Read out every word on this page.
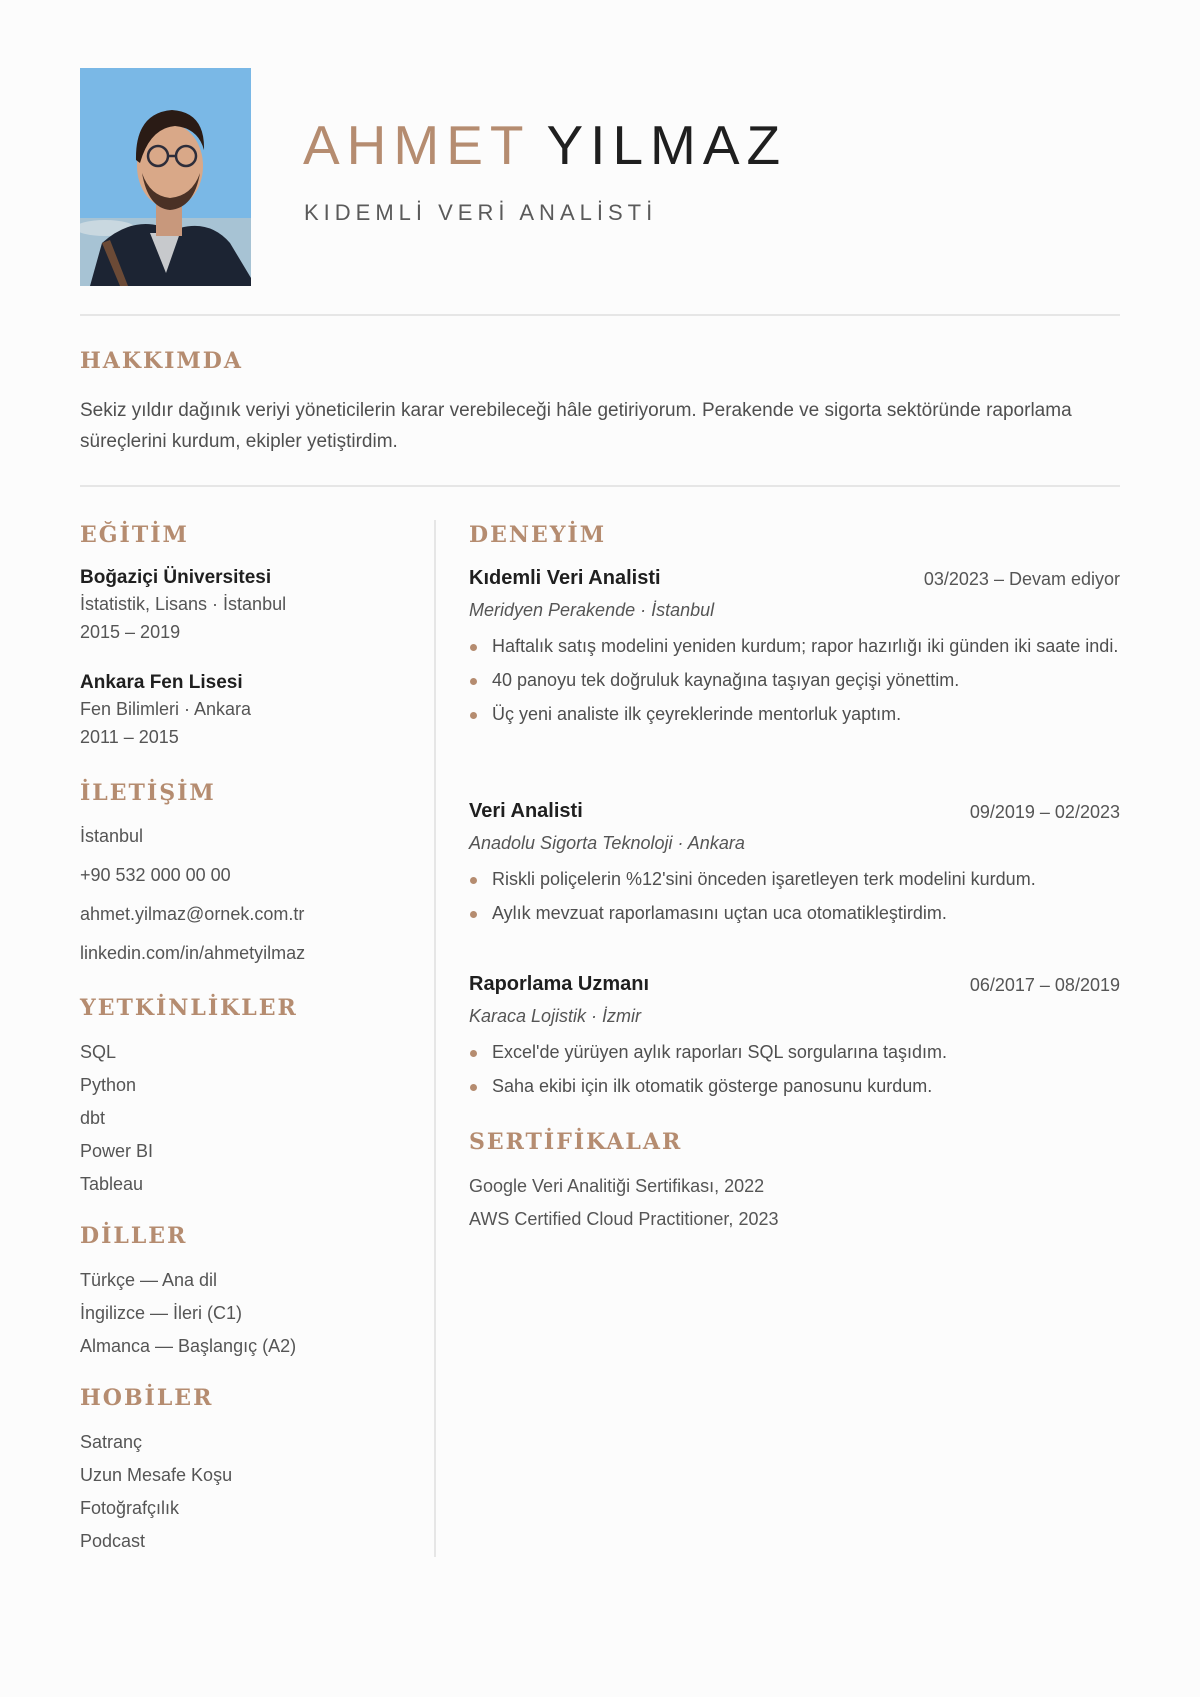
AHMET YILMAZ
KIDEMLİ VERİ ANALİSTİ
HAKKIMDA
Sekiz yıldır dağınık veriyi yöneticilerin karar verebileceği hâle getiriyorum. Perakende ve sigorta sektöründe raporlama süreçlerini kurdum, ekipler yetiştirdim.
EĞİTİM
Boğaziçi Üniversitesi
İstatistik, Lisans · İstanbul
2015 – 2019
Ankara Fen Lisesi
Fen Bilimleri · Ankara
2011 – 2015
İLETİŞİM
İstanbul
+90 532 000 00 00
ahmet.yilmaz@ornek.com.tr
linkedin.com/in/ahmetyilmaz
YETKİNLİKLER
SQL
Python
dbt
Power BI
Tableau
DİLLER
Türkçe — Ana dil
İngilizce — İleri (C1)
Almanca — Başlangıç (A2)
HOBİLER
Satranç
Uzun Mesafe Koşu
Fotoğrafçılık
Podcast
DENEYİM
Kıdemli Veri Analisti	03/2023 – Devam ediyor
Meridyen Perakende · İstanbul
Haftalık satış modelini yeniden kurdum; rapor hazırlığı iki günden iki saate indi.
40 panoyu tek doğruluk kaynağına taşıyan geçişi yönettim.
Üç yeni analiste ilk çeyreklerinde mentorluk yaptım.
Veri Analisti	09/2019 – 02/2023
Anadolu Sigorta Teknoloji · Ankara
Riskli poliçelerin %12'sini önceden işaretleyen terk modelini kurdum.
Aylık mevzuat raporlamasını uçtan uca otomatikleştirdim.
Raporlama Uzmanı	06/2017 – 08/2019
Karaca Lojistik · İzmir
Excel'de yürüyen aylık raporları SQL sorgularına taşıdım.
Saha ekibi için ilk otomatik gösterge panosunu kurdum.
SERTİFİKALAR
Google Veri Analitiği Sertifikası, 2022
AWS Certified Cloud Practitioner, 2023
